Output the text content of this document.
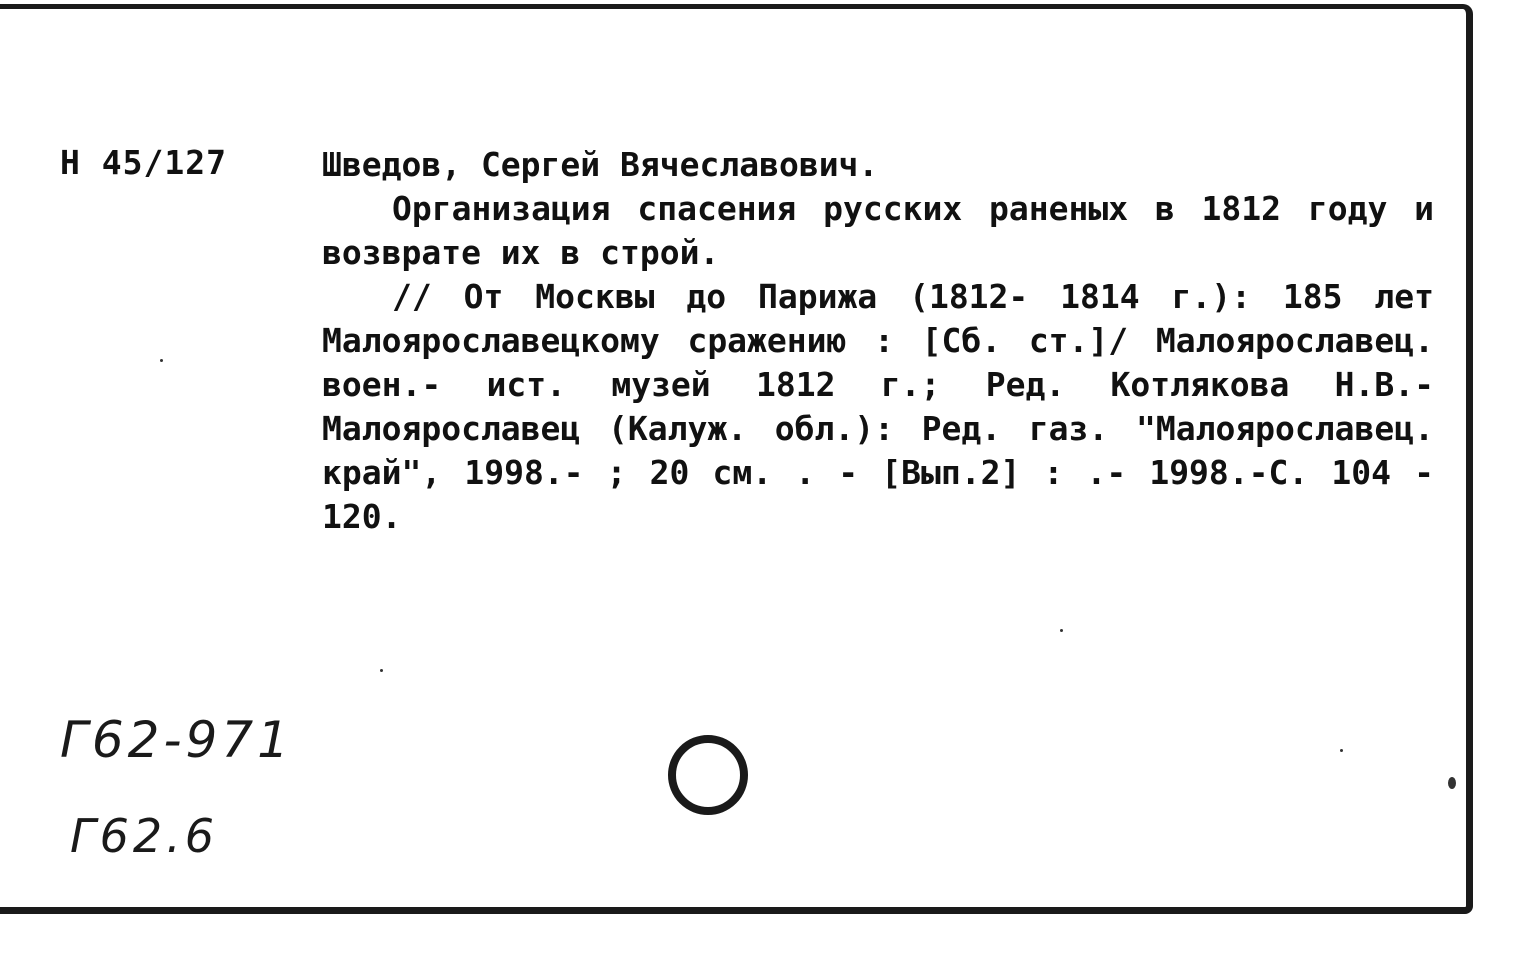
Н 45/127	Шведов, Сергей Вячеславович.

Организация спасения русских раненых в 1812 году и возврате их в строй.

// От Москвы до Парижа (1812- 1814 г.): 185 лет Малоярославецкому сражению : [Сб. ст.]/ Малоярославец. воен.- ист. музей 1812 г.; Ред. Котлякова Н.В.- Малоярославец (Калуж. обл.): Ред. газ. "Малоярославец. край", 1998.- ; 20 см. . - [Вып.2] : .- 1998.-С. 104 - 120.

Г62-971
Г62.6
